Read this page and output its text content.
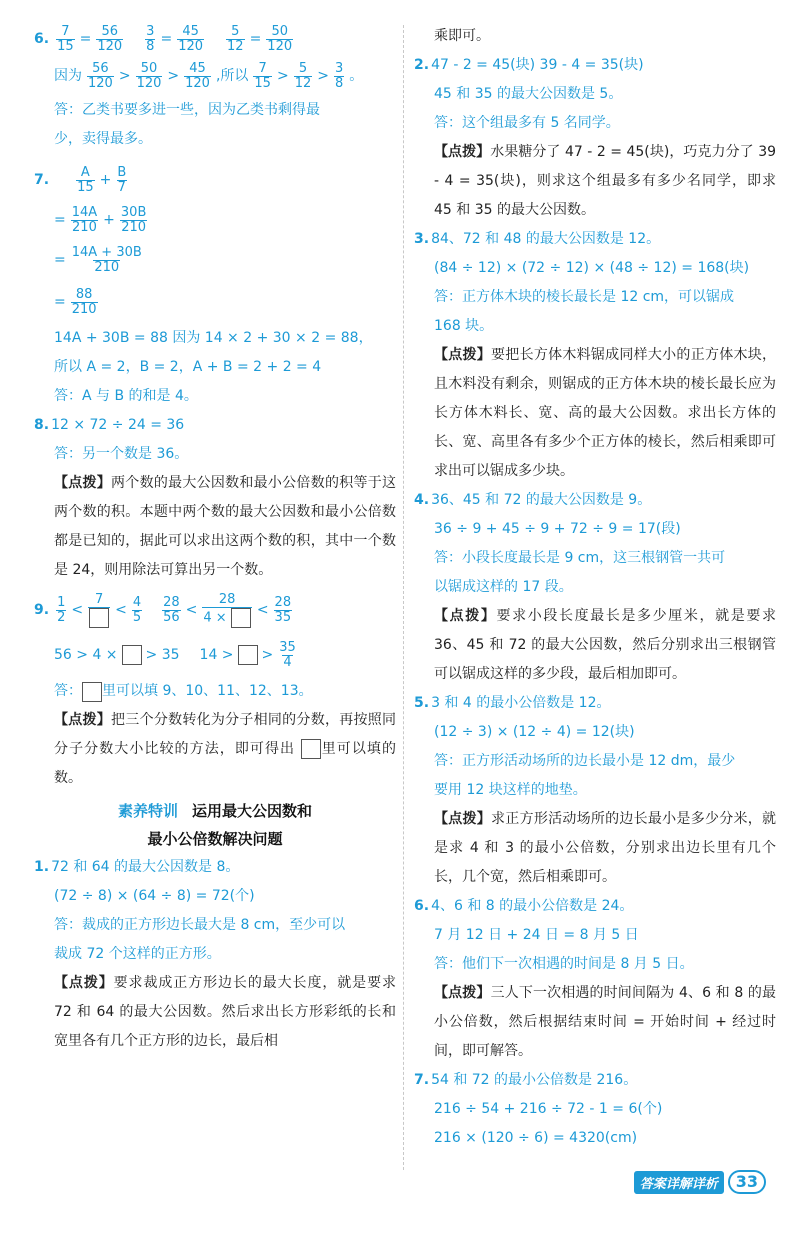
6. $\frac{7}{15} = \frac{56}{120} \frac{3}{8} = \frac{45}{120} \frac{5}{12} = \frac{50}{120}$
因为 $\frac{56}{120} > \frac{50}{120} > \frac{45}{120}$ ,所以 $\frac{7}{15} > \frac{5}{12} > \frac{3}{8}$ 。
答：乙类书要多进一些，因为乙类书剩得最
少，卖得最多。
7. $\frac{A}{15} + \frac{B}{7}$
= $\frac{14A}{210} + \frac{30B}{210}$
= $\frac{14A + 30B}{210}$
= $\frac{88}{210}$
14A + 30B = 88 因为 14 × 2 + 30 × 2 = 88，
所以 A = 2，B = 2，A + B = 2 + 2 = 4
答：A 与 B 的和是 4。
8. 12 × 72 ÷ 24 = 36
答：另一个数是 36。
【点拨】两个数的最大公因数和最小公倍数的积等于这两个数的积。本题中两个数的最大公因数和最小公倍数都是已知的，据此可以求出这两个数的积，其中一个数是 24，则用除法可算出另一个数。
9. $\frac{1}{2}$ <
7
< $\frac{4}{5} \frac{28}{56} < \frac{28}{4 \times} < \frac{28}{35}$
56 > 4 × > 35 14 > > $\frac{35}{4}$
答： 里可以填 9、10、11、12、13。
【点拨】把三个分数转化为分子相同的分数，再按照同分子分数大小比较的方法，即可得出 里可以填的数。
素养特训 运用最大公因数和
最小公倍数解决问题
1. 72 和 64 的最大公因数是 8。
(72 ÷ 8) × (64 ÷ 8) = 72(个)
答：裁成的正方形边长最大是 8 cm，至少可以
裁成 72 个这样的正方形。
【点拨】要求裁成正方形边长的最大长度，就是要求 72 和 64 的最大公因数。然后求出长方形彩纸的长和宽里各有几个正方形的边长，最后相
乘即可。
2. 47 - 2 = 45(块) 39 - 4 = 35(块)
45 和 35 的最大公因数是 5。
答：这个组最多有 5 名同学。
【点拨】水果糖分了 47 - 2 = 45(块)，巧克力分了 39 - 4 = 35(块)，则求这个组最多有多少名同学，即求 45 和 35 的最大公因数。
3. 84、72 和 48 的最大公因数是 12。
(84 ÷ 12) × (72 ÷ 12) × (48 ÷ 12) = 168(块)
答：正方体木块的棱长最长是 12 cm，可以锯成
168 块。
【点拨】要把长方体木料锯成同样大小的正方体木块，且木料没有剩余，则锯成的正方体木块的棱长最长应为长方体木料长、宽、高的最大公因数。求出长方体的长、宽、高里各有多少个正方体的棱长，然后相乘即可求出可以锯成多少块。
4. 36、45 和 72 的最大公因数是 9。
36 ÷ 9 + 45 ÷ 9 + 72 ÷ 9 = 17(段)
答：小段长度最长是 9 cm，这三根钢管一共可
以锯成这样的 17 段。
【点拨】要求小段长度最长是多少厘米，就是要求 36、45 和 72 的最大公因数，然后分别求出三根钢管可以锯成这样的多少段，最后相加即可。
5. 3 和 4 的最小公倍数是 12。
(12 ÷ 3) × (12 ÷ 4) = 12(块)
答：正方形活动场所的边长最小是 12 dm，最少
要用 12 块这样的地垫。
【点拨】求正方形活动场所的边长最小是多少分米，就是求 4 和 3 的最小公倍数，分别求出边长里有几个长，几个宽，然后相乘即可。
6. 4、6 和 8 的最小公倍数是 24。
7 月 12 日 + 24 日 = 8 月 5 日
答：他们下一次相遇的时间是 8 月 5 日。
【点拨】三人下一次相遇的时间间隔为 4、6 和 8 的最小公倍数，然后根据结束时间 = 开始时间 + 经过时间，即可解答。
7. 54 和 72 的最小公倍数是 216。
216 ÷ 54 + 216 ÷ 72 - 1 = 6(个)
216 × (120 ÷ 6) = 4320(cm)
答案详解详析	33
